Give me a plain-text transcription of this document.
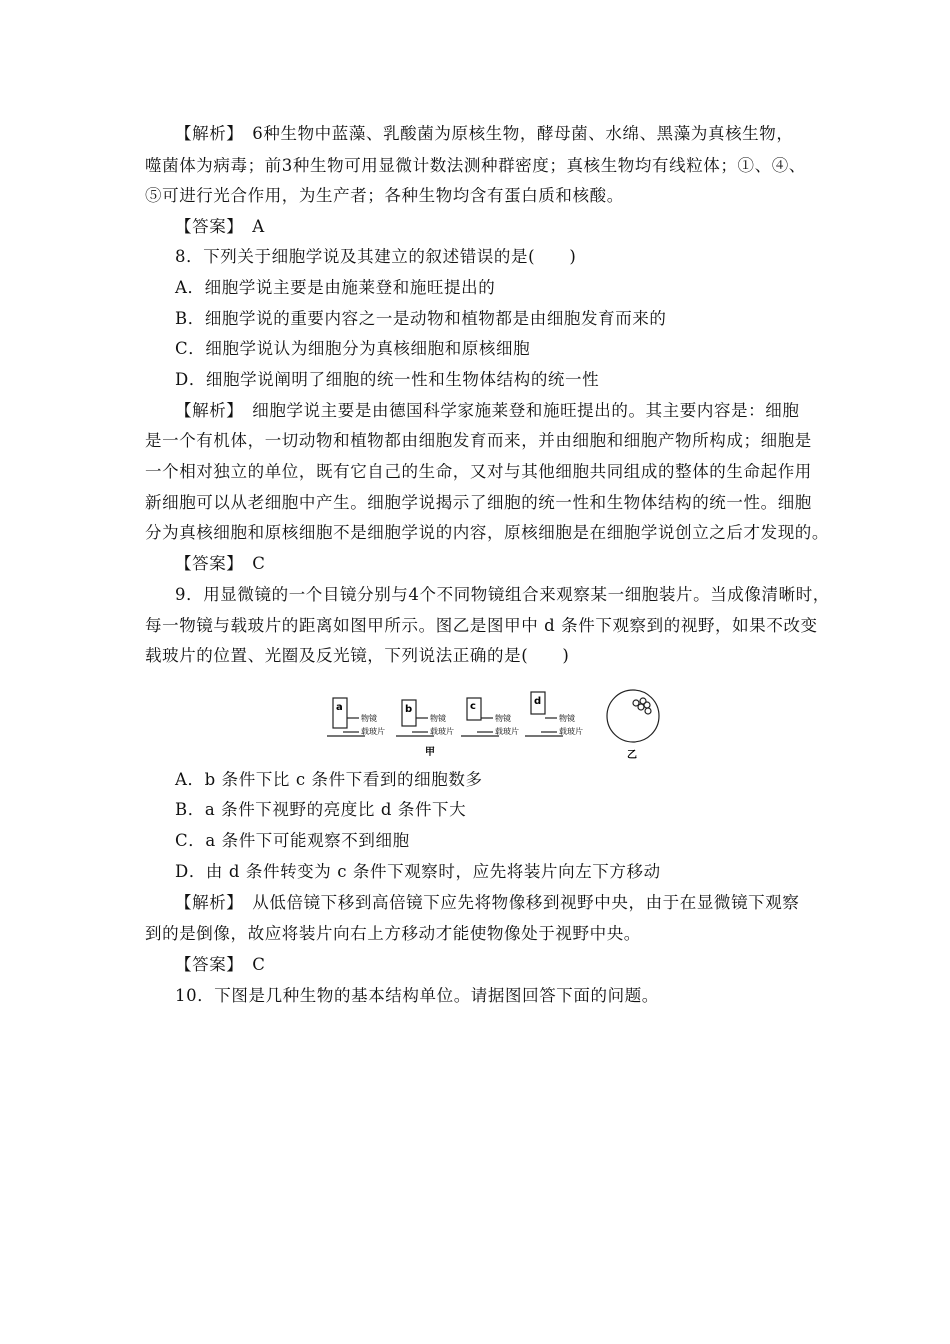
【解析】　 6种生物中蓝藻、乳酸菌为原核生物，酵母菌、水绵、黑藻为真核生物，
噬菌体为病毒；前3种生物可用显微计数法测种群密度；真核生物均有线粒体；①、④、
⑤可进行光合作用，为生产者；各种生物均含有蛋白质和核酸。
【答案】　 A
8．下列关于细胞学说及其建立的叙述错误的是(　　)
A．细胞学说主要是由施莱登和施旺提出的
B．细胞学说的重要内容之一是动物和植物都是由细胞发育而来的
C．细胞学说认为细胞分为真核细胞和原核细胞
D．细胞学说阐明了细胞的统一性和生物体结构的统一性
【解析】　 细胞学说主要是由德国科学家施莱登和施旺提出的。其主要内容是：细胞
是一个有机体，一切动物和植物都由细胞发育而来，并由细胞和细胞产物所构成；细胞是
一个相对独立的单位，既有它自己的生命，又对与其他细胞共同组成的整体的生命起作用
新细胞可以从老细胞中产生。细胞学说揭示了细胞的统一性和生物体结构的统一性。细胞
分为真核细胞和原核细胞不是细胞学说的内容，原核细胞是在细胞学说创立之后才发现的。
【答案】　 C
9．用显微镜的一个目镜分别与4个不同物镜组合来观察某一细胞装片。当成像清晰时，
每一物镜与载玻片的距离如图甲所示。图乙是图甲中 d 条件下观察到的视野，如果不改变
载玻片的位置、光圈及反光镜，下列说法正确的是(　　)
a
物镜
载玻片
b
物镜
载玻片
c
物镜
载玻片
d
物镜
载玻片
甲	乙
A．b 条件下比 c 条件下看到的细胞数多
B．a 条件下视野的亮度比 d 条件下大
C．a 条件下可能观察不到细胞
D．由 d 条件转变为 c 条件下观察时，应先将装片向左下方移动
【解析】　 从低倍镜下移到高倍镜下应先将物像移到视野中央，由于在显微镜下观察
到的是倒像，故应将装片向右上方移动才能使物像处于视野中央。
【答案】　 C
10．下图是几种生物的基本结构单位。请据图回答下面的问题。
